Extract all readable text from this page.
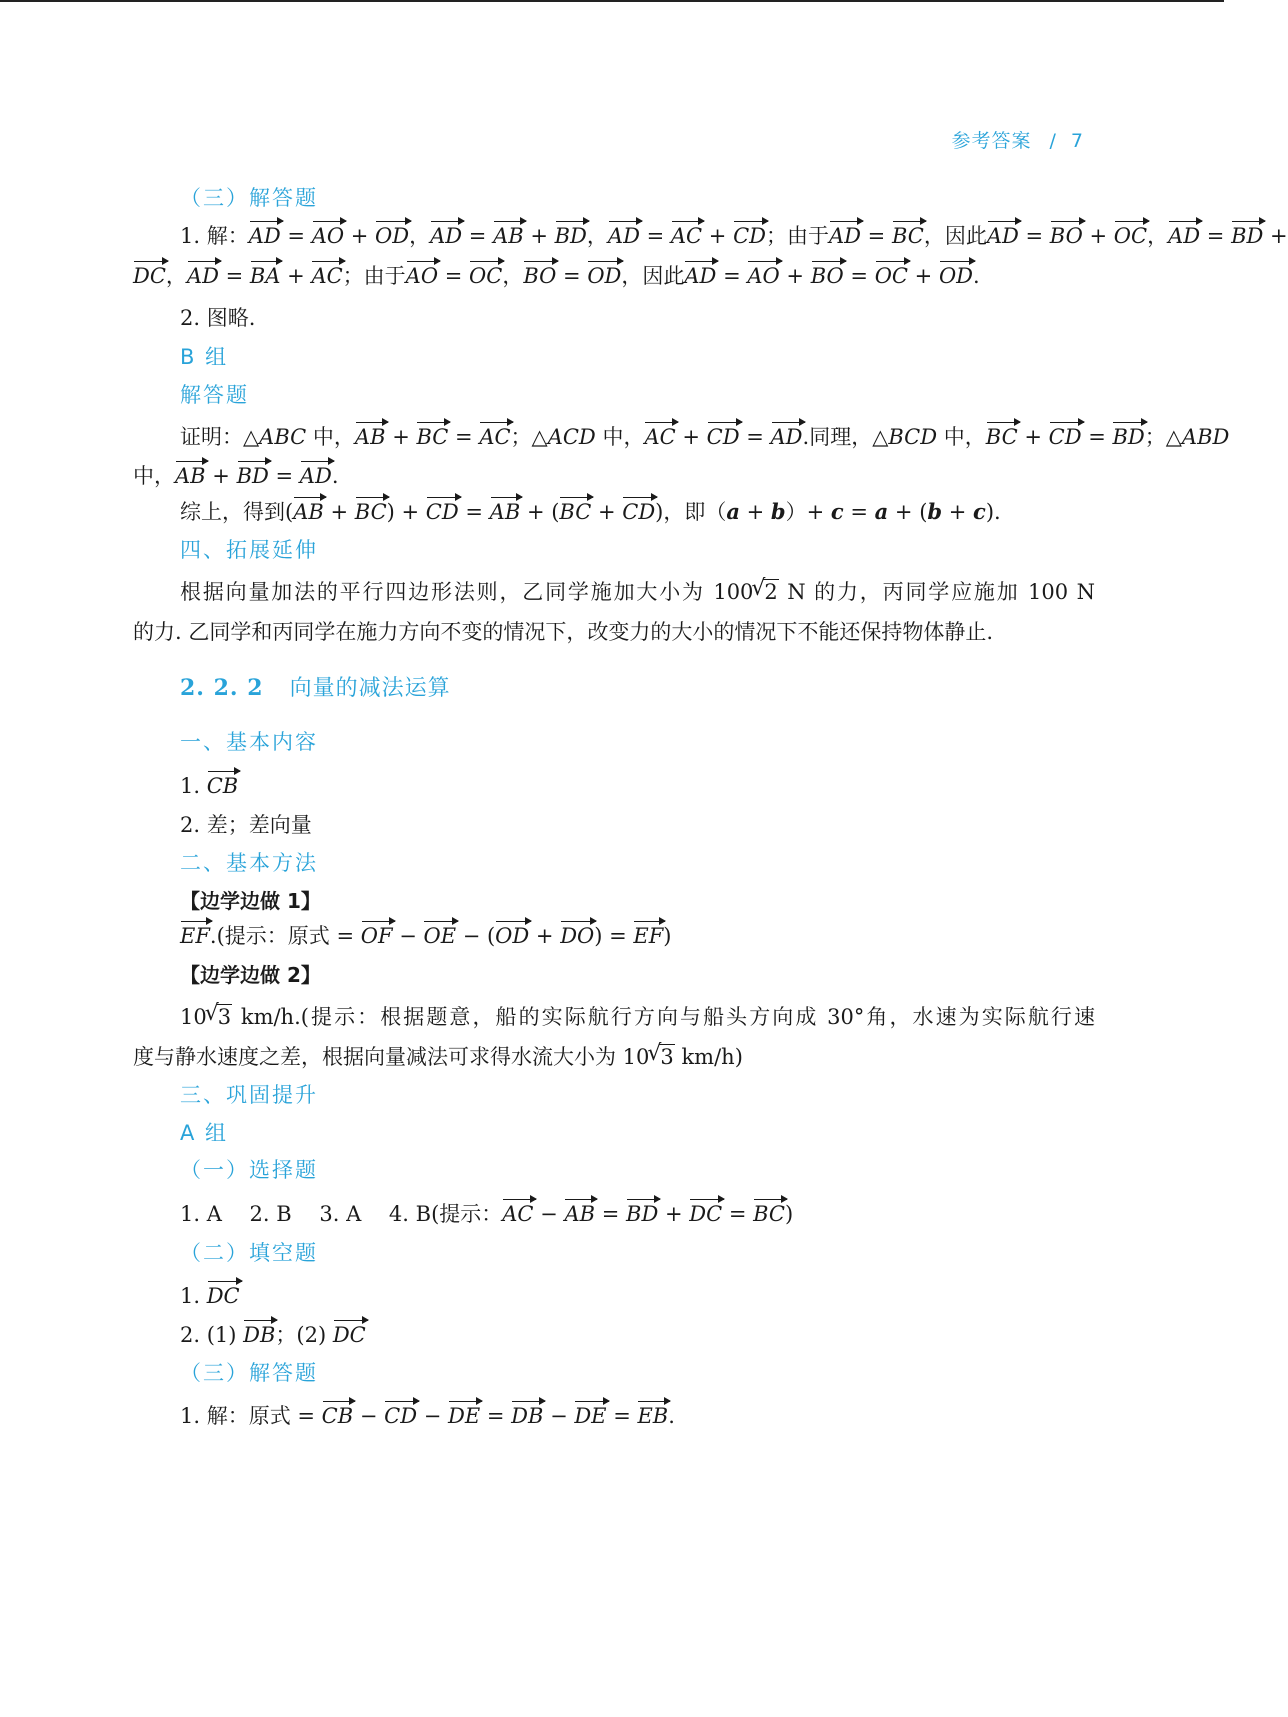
参考答案 / 7
（三）解答题
1. 解：AD = AO + OD，AD = AB + BD，AD = AC + CD；由于AD = BC，因此AD = BO + OC，AD = BD +
DC，AD = BA + AC；由于AO = OC，BO = OD，因此AD = AO + BO = OC + OD.
2. 图略.
B 组
解答题
证明：△ABC 中，AB + BC = AC；△ACD 中，AC + CD = AD.同理，△BCD 中，BC + CD = BD；△ABD
中，AB + BD = AD.
综上，得到(AB + BC) + CD = AB + (BC + CD)，即（a + b）+ c = a + (b + c).
四、拓展延伸
根据向量加法的平行四边形法则，乙同学施加大小为 100 √ 2 N 的力，丙同学应施加 100 N
的力. 乙同学和丙同学在施力方向不变的情况下，改变力的大小的情况下不能还保持物体静止.
2. 2. 2 向量的减法运算
一、基本内容
1. CB
2. 差；差向量
二、基本方法
【边学边做 1】
EF.(提示：原式 = OF − OE − (OD + DO) = EF)
【边学边做 2】
10 √ 3 km/h.(提示：根据题意，船的实际航行方向与船头方向成 30°角，水速为实际航行速
度与静水速度之差，根据向量减法可求得水流大小为 10 √ 3 km/h)
三、巩固提升
A 组
（一）选择题
1. A　 2. B　 3. A　 4. B(提示：AC − AB = BD + DC = BC)
（二）填空题
1. DC
2. (1) DB；(2) DC
（三）解答题
1. 解：原式 = CB − CD − DE = DB − DE = EB.
